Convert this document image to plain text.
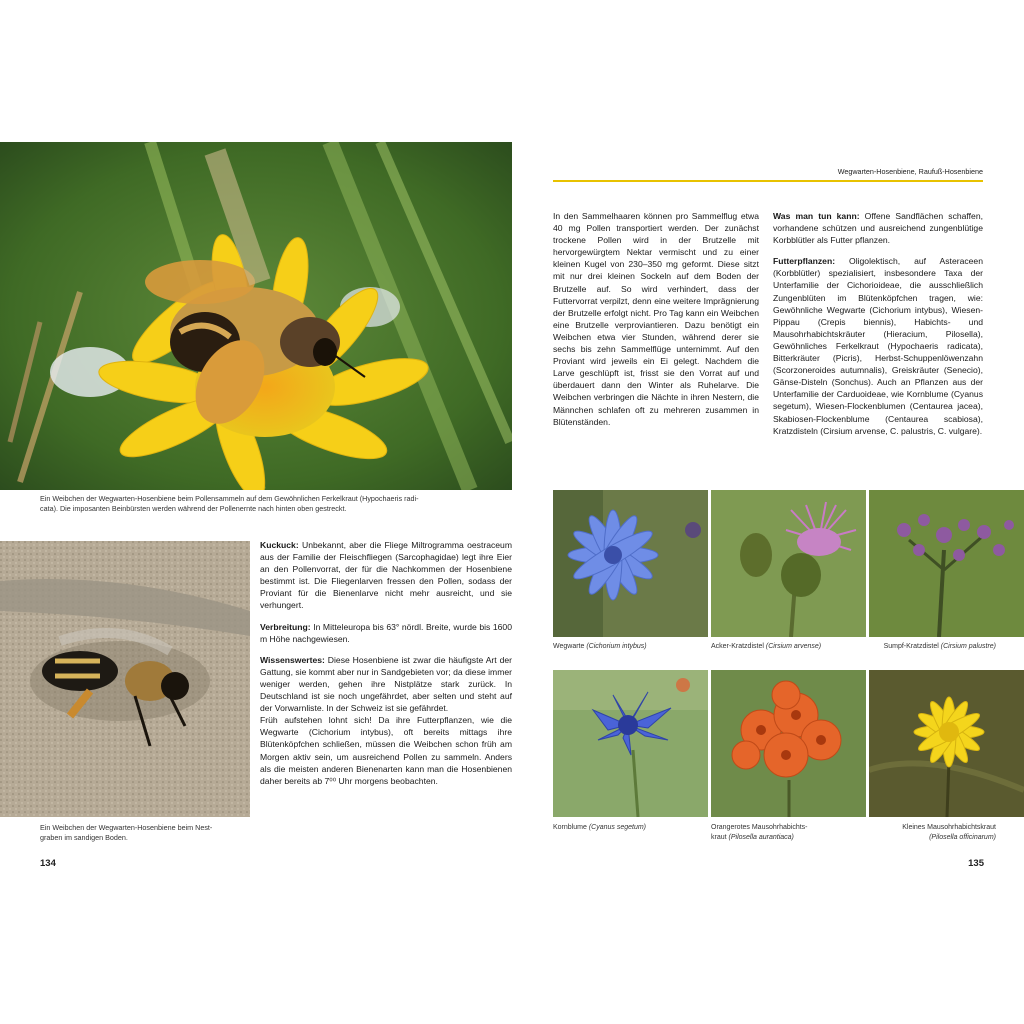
Ein Weibchen der Wegwarten-Hosenbiene beim Pollensammeln auf dem Gewöhnlichen Ferkelkraut (Hypochaeris radi-
cata). Die imposanten Beinbürsten werden während der Pollenernte nach hinten oben gestreckt.
Ein Weibchen der Wegwarten-Hosenbiene beim Nest-
graben im sandigen Boden.

Kuckuck: Unbekannt, aber die Fliege Miltrogramma oestraceum aus der Familie der Fleischfliegen (Sarcophagidae) legt ihre Eier an den Pollenvorrat, der für die Nachkommen der Hosenbiene bestimmt ist. Die Fliegenlarven fressen den Pollen, sodass der Proviant für die Bienenlarve nicht mehr ausreicht, und sie verhungert.

Verbreitung: In Mitteleuropa bis 63° nördl. Breite, wurde bis 1600 m Höhe nachgewiesen.

Wissenswertes: Diese Hosenbiene ist zwar die häufigste Art der Gattung, sie kommt aber nur in Sandgebieten vor; da diese immer weniger werden, gehen ihre Nistplätze stark zurück. In Deutschland ist sie noch ungefährdet, aber selten und steht auf der Vorwarnliste. In der Schweiz ist sie gefährdet.

Früh aufstehen lohnt sich! Da ihre Futterpflanzen, wie die Wegwarte (Cichorium intybus), oft bereits mittags ihre Blütenköpfchen schließen, müssen die Weibchen schon früh am Morgen aktiv sein, um ausreichend Pollen zu sammeln. Anders als die meisten anderen Bienenarten kann man die Hosenbienen daher bereits ab 7⁰⁰ Uhr morgens beobachten.

134
Wegwarten-Hosenbiene, Raufuß-Hosenbiene

In den Sammelhaaren können pro Sammelflug etwa 40 mg Pollen transportiert werden. Der zunächst trockene Pollen wird in der Brutzelle mit hervorgewürgtem Nektar vermischt und zu einer kleinen Kugel von 230–350 mg geformt. Diese sitzt mit nur drei kleinen Sockeln auf dem Boden der Brutzelle auf. So wird verhindert, dass der Futtervorrat verpilzt, denn eine weitere Imprägnierung der Brutzelle erfolgt nicht. Pro Tag kann ein Weibchen eine Brutzelle verproviantieren. Dazu benötigt ein Weibchen etwa vier Stunden, während derer sie sechs bis zehn Sammelflüge unternimmt. Auf den Proviant wird jeweils ein Ei gelegt. Nachdem die Larve geschlüpft ist, frisst sie den Vorrat auf und überdauert dann den Winter als Ruhelarve. Die Weibchen verbringen die Nächte in ihren Nestern, die Männchen schlafen oft zu mehreren zusammen in Blütenständen.

Was man tun kann: Offene Sandflächen schaffen, vorhandene schützen und ausreichend zungenblütige Korbblütler als Futter pflanzen.

Futterpflanzen: Oligolektisch, auf Asteraceen (Korbblütler) spezialisiert, insbesondere Taxa der Unterfamilie der Cichorioideae, die ausschließlich Zungenblüten im Blütenköpfchen tragen, wie: Gewöhnliche Wegwarte (Cichorium intybus), Wiesen-Pippau (Crepis biennis), Habichts- und Mausohrhabichtskräuter (Hieracium, Pilosella), Gewöhnliches Ferkelkraut (Hypochaeris radicata), Bitterkräuter (Picris), Herbst-Schuppenlöwenzahn (Scorzoneroides autumnalis), Greiskräuter (Senecio), Gänse-Disteln (Sonchus). Auch an Pflanzen aus der Unterfamilie der Carduoideae, wie Kornblume (Cyanus segetum), Wiesen-Flockenblumen (Centaurea jacea), Skabiosen-Flockenblume (Centaurea scabiosa), Kratzdisteln (Cirsium arvense, C. palustris, C. vulgare).

Wegwarte (Cichorium intybus)	Acker-Kratzdistel (Cirsium arvense)	Sumpf-Kratzdistel (Cirsium palustre)
Kornblume (Cyanus segetum)	Orangerotes Mausohrhabichts-
kraut (Pilosella aurantiaca)
Kleines Mausohrhabichtskraut
(Pilosella officinarum)
135
